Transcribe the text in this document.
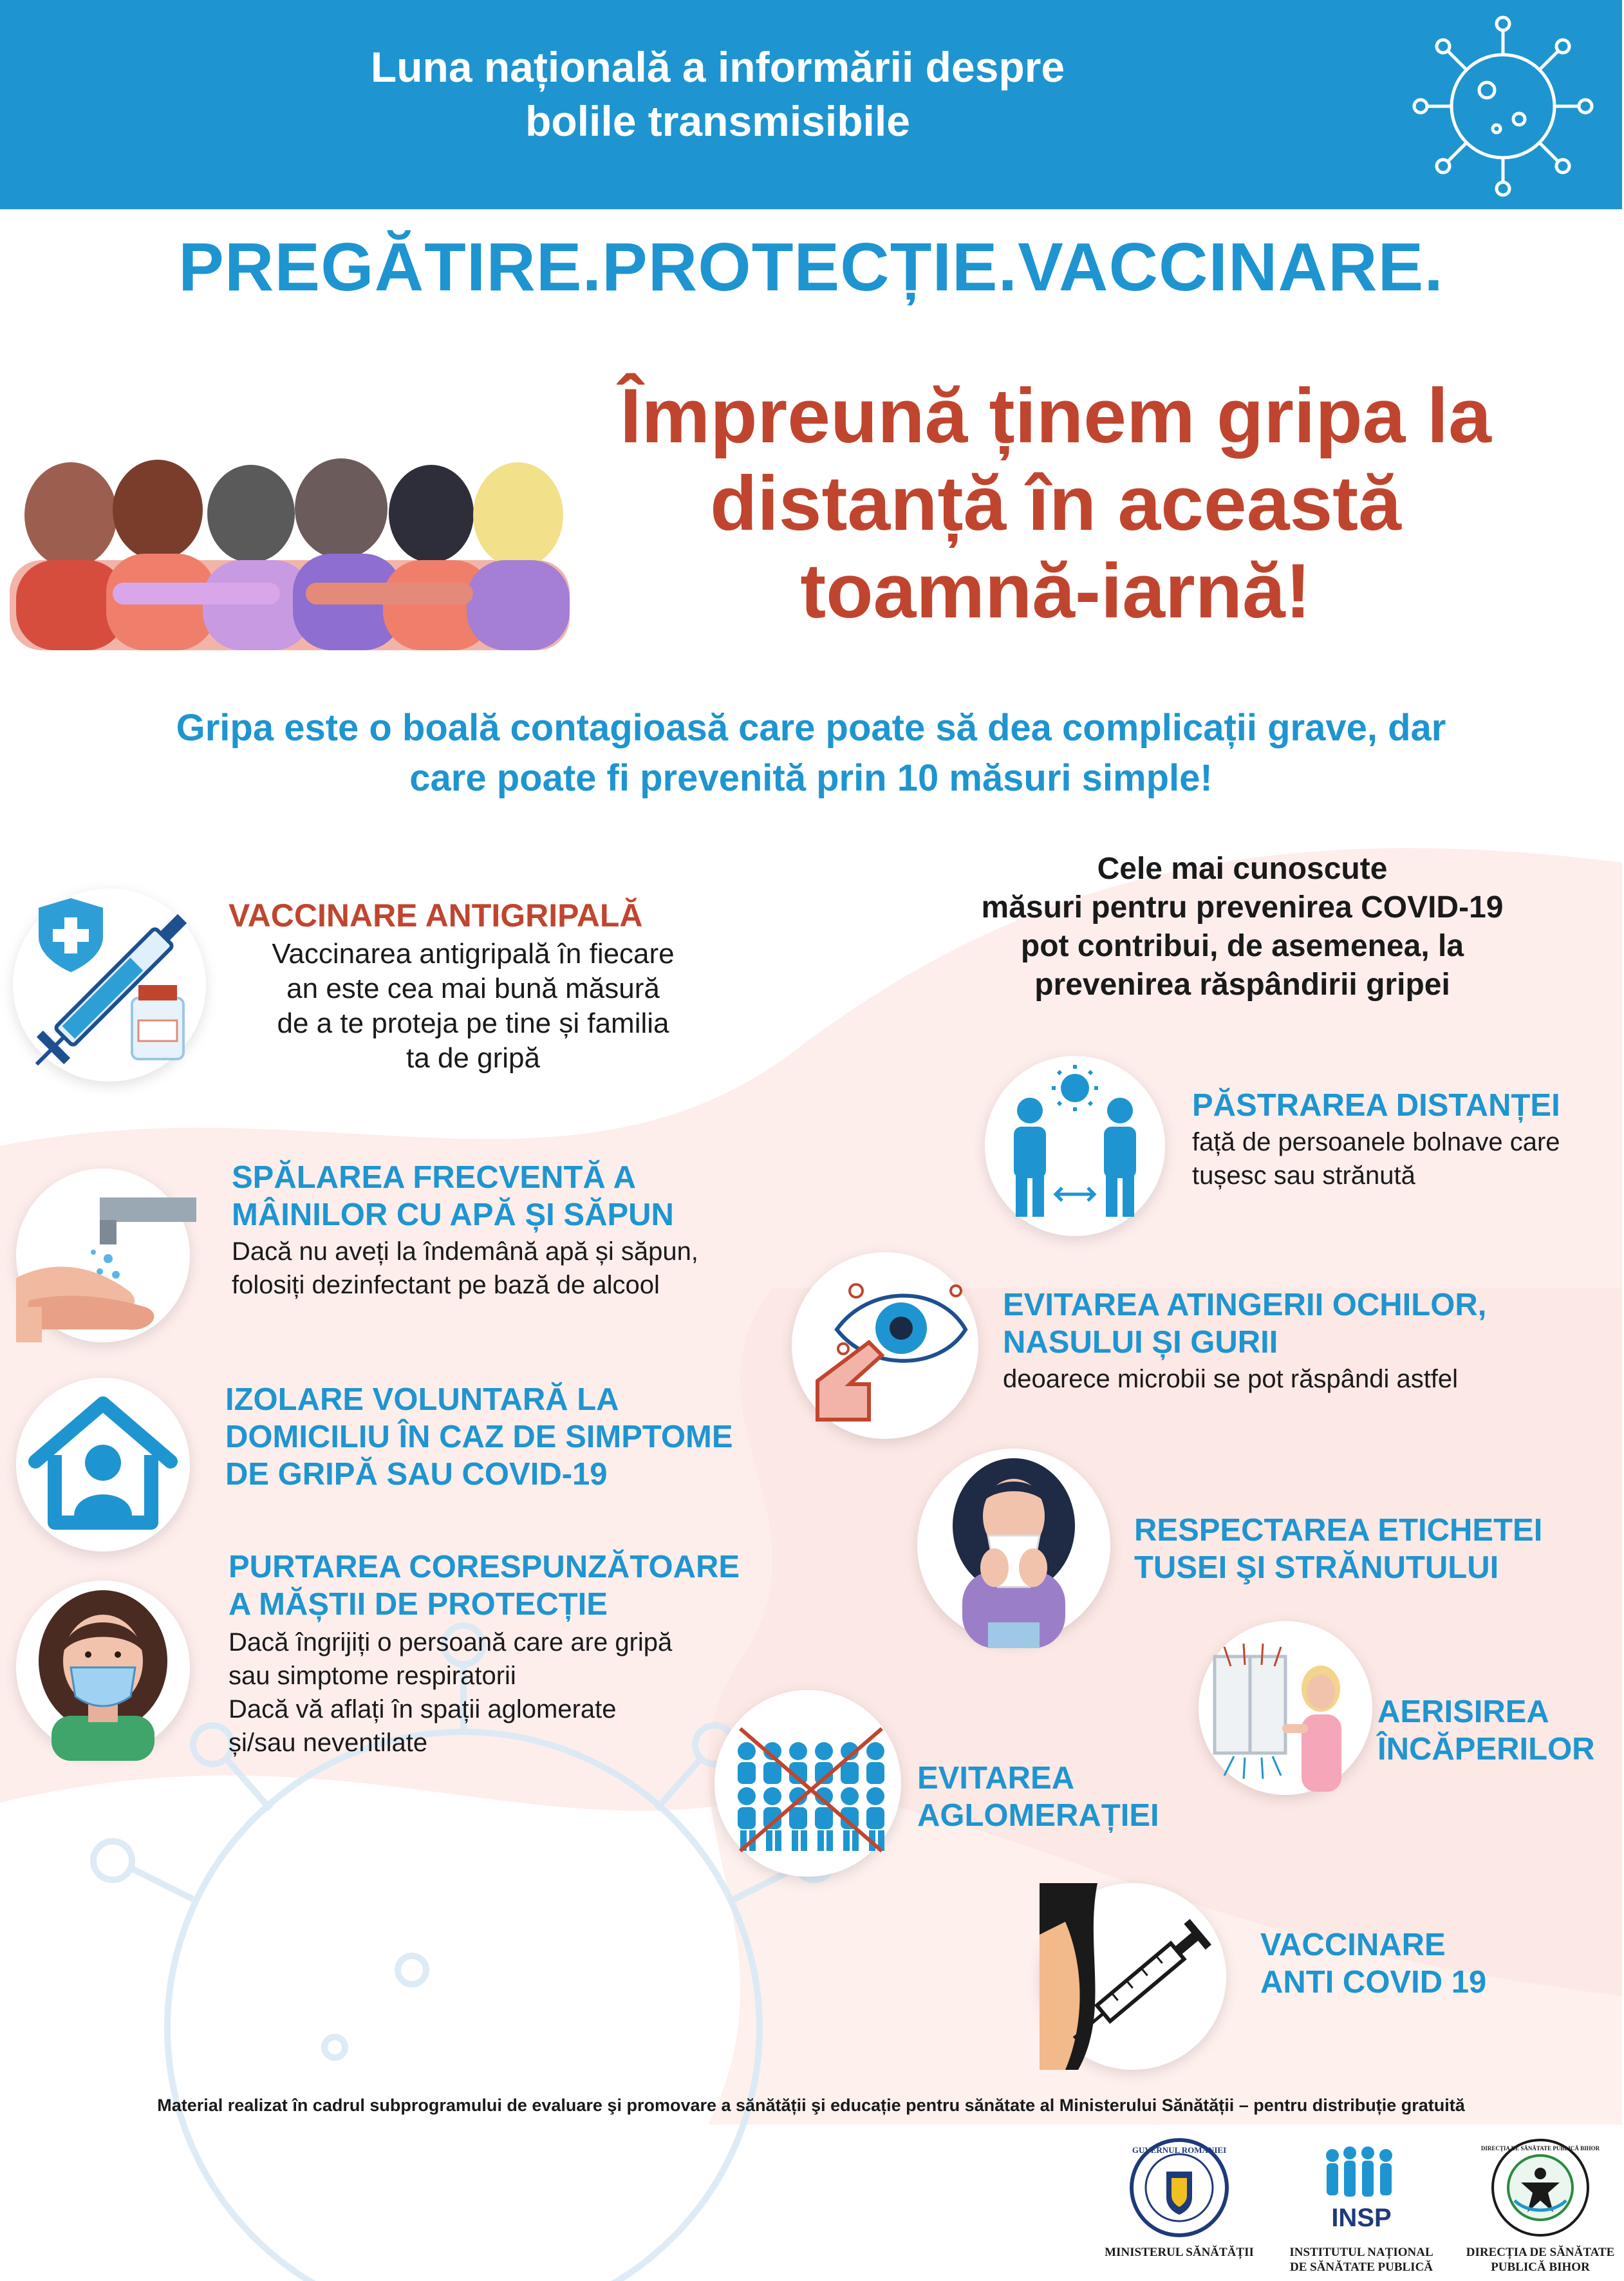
Luna națională a informării despre
bolile transmisibile
PREGĂTIRE.PROTECȚIE.VACCINARE.
Împreună ținem gripa la
distanță în această
toamnă-iarnă!
Gripa este o boală contagioasă care poate să dea complicații grave, dar
care poate fi prevenită prin 10 măsuri simple!
VACCINARE ANTIGRIPALĂ
Vaccinarea antigripală în fiecare
an este cea mai bună măsură
de a te proteja pe tine și familia
ta de gripă
SPĂLAREA FRECVENTĂ A
MÂINILOR CU APĂ ȘI SĂPUN
Dacă nu aveți la îndemână apă și săpun,
folosiți dezinfectant pe bază de alcool
IZOLARE VOLUNTARĂ LA
DOMICILIU ÎN CAZ DE SIMPTOME
DE GRIPĂ SAU COVID-19
PURTAREA CORESPUNZĂTOARE
A MĂȘTII DE PROTECȚIE
Dacă îngrijiți o persoană care are gripă
sau simptome respiratorii
Dacă vă aflați în spații aglomerate
și/sau neventilate
Cele mai cunoscute
măsuri pentru prevenirea COVID-19
pot contribui, de asemenea, la
prevenirea răspândirii gripei
PĂSTRAREA DISTANȚEI
față de persoanele bolnave care
tușesc sau strănută
EVITAREA ATINGERII OCHILOR,
NASULUI ȘI GURII
deoarece microbii se pot răspândi astfel
RESPECTAREA ETICHETEI
TUSEI ŞI STRĂNUTULUI
AERISIREA
ÎNCĂPERILOR
EVITAREA
AGLOMERAȚIEI
VACCINARE
ANTI COVID 19
Material realizat în cadrul subprogramului de evaluare şi promovare a sănătății şi educație pentru sănătate al Ministerului Sănătății – pentru distribuție gratuită
GUVERNUL ROMÂNIEI
MINISTERUL SĂNĂTĂȚII
INSP
INSTITUTUL NAȚIONAL
DE SĂNĂTATE PUBLICĂ
DIRECȚIA DE SĂNĂTATE PUBLICĂ BIHOR
DIRECȚIA DE SĂNĂTATE
PUBLICĂ BIHOR
